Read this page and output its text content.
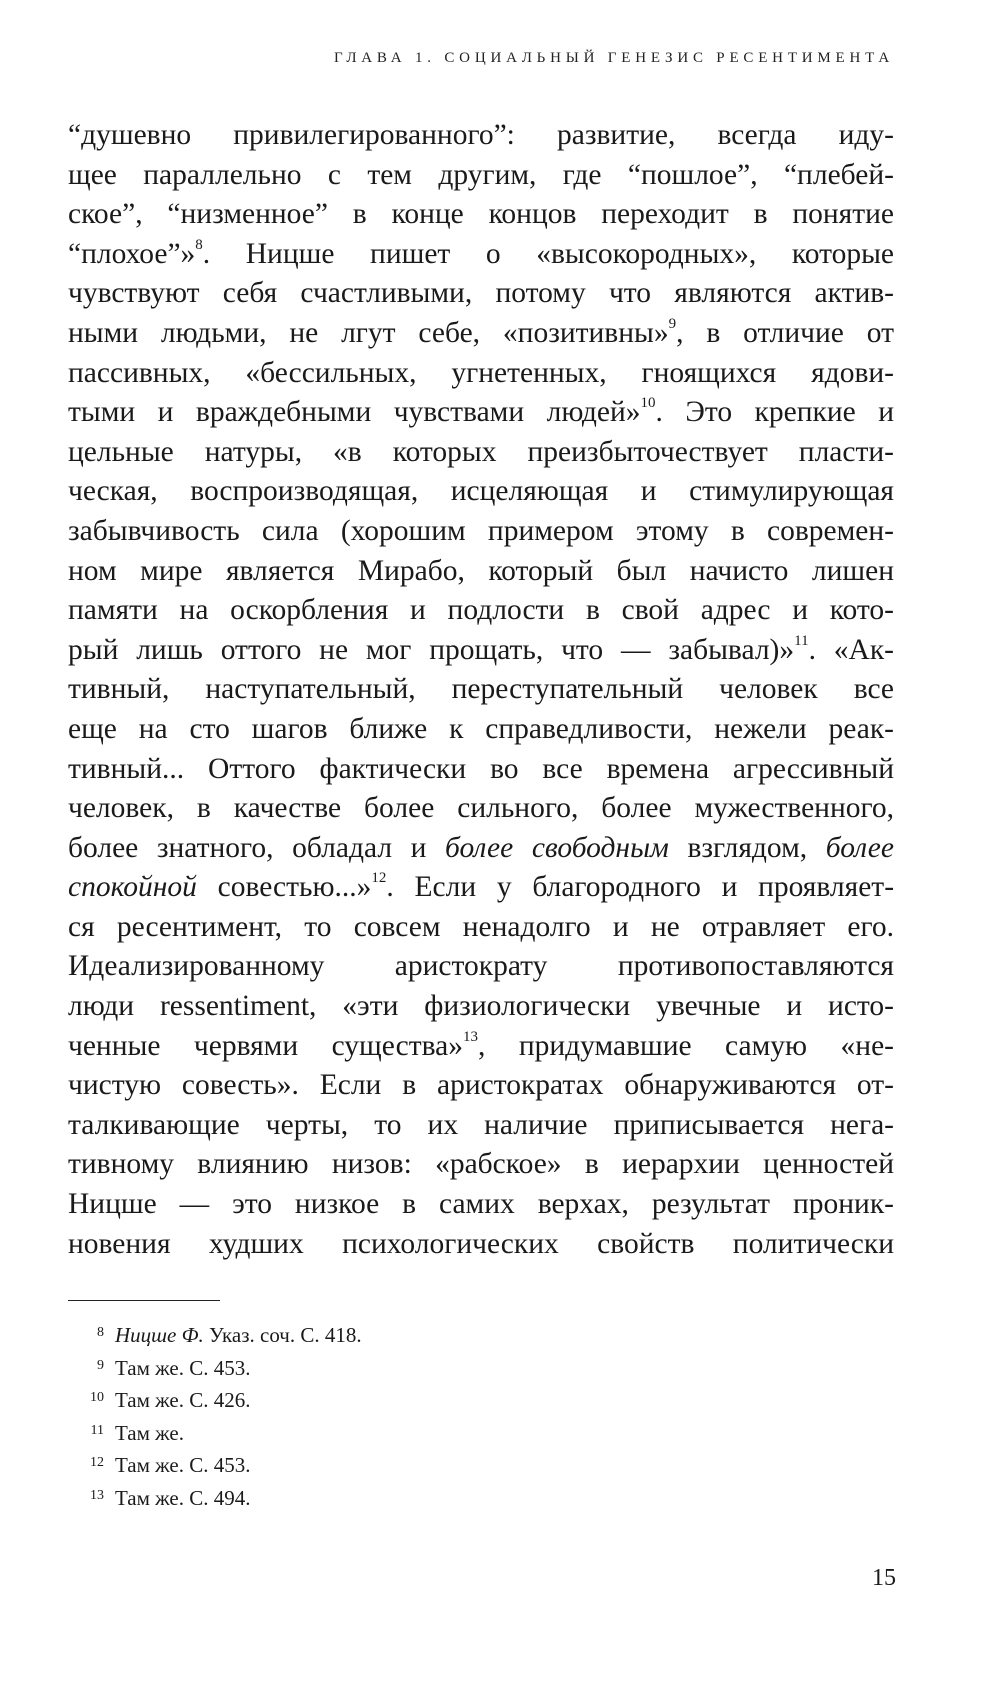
ГЛАВА 1. СОЦИАЛЬНЫЙ ГЕНЕЗИС РЕСЕНТИМЕНТА
“душевно привилегированного”: развитие, всегда иду-
щее параллельно с тем другим, где “пошлое”, “плебей-
ское”, “низменное” в конце концов переходит в понятие
“плохое”»$^8$. Ницше пишет о «высокородных», которые
чувствуют себя счастливыми, потому что являются актив-
ными людьми, не лгут себе, «позитивны»$^9$, в отличие от
пассивных, «бессильных, угнетенных, гноящихся ядови-
тыми и враждебными чувствами людей»$^{10}$. Это крепкие и
цельные натуры, «в которых преизбыточествует пласти-
ческая, воспроизводящая, исцеляющая и стимулирующая
забывчивость сила (хорошим примером этому в современ-
ном мире является Мирабо, который был начисто лишен
памяти на оскорбления и подлости в свой адрес и кото-
рый лишь оттого не мог прощать, что — забывал)»$^{11}$. «Ак-
тивный, наступательный, переступательный человек все
еще на сто шагов ближе к справедливости, нежели реак-
тивный... Оттого фактически во все времена агрессивный
человек, в качестве более сильного, более мужественного,
более знатного, обладал и более свободным взглядом, более
спокойной совестью...»$^{12}$. Если у благородного и проявляет-
ся ресентимент, то совсем ненадолго и не отравляет его.
Идеализированному аристократу противопоставляются
люди ressentiment, «эти физиологически увечные и исто-
ченные червями существа»$^{13}$, придумавшие самую «не-
чистую совесть». Если в аристократах обнаруживаются от-
талкивающие черты, то их наличие приписывается нега-
тивному влиянию низов: «рабское» в иерархии ценностей
Ницше — это низкое в самих верхах, результат проник-
новения худших психологических свойств политически
8 Ницше Ф. Указ. соч. С. 418.
9 Там же. С. 453.
10 Там же. С. 426.
11 Там же.
12 Там же. С. 453.
13 Там же. С. 494.
15
